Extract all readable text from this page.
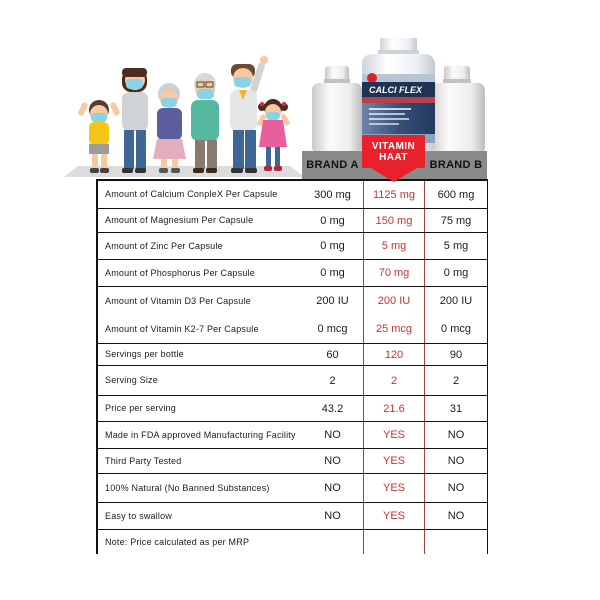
CALCI FLEX
BRAND A	BRAND B
VITAMIN
HAAT
Amount of Calcium ConpleX Per Capsule	300 mg	1125 mg	600 mg
Amount of Magnesium Per Capsule	0 mg	150 mg	75 mg
Amount of Zinc Per Capsule	0 mg	5 mg	5 mg
Amount of Phosphorus Per Capsule	0 mg	70 mg	0 mg
Amount of Vitamin D3 Per Capsule	200 IU	200 IU	200 IU
Amount of Vitamin K2-7 Per Capsule	0 mcg	25 mcg	0 mcg
Servings per bottle	60	120	90
Serving Size	2	2	2
Price per serving	43.2	21.6	31
Made in FDA approved Manufacturing Facility	NO	YES	NO
Third Party Tested	NO	YES	NO
100% Natural (No Banned Substances)	NO	YES	NO
Easy to swallow	NO	YES	NO
Note: Price calculated as per MRP
